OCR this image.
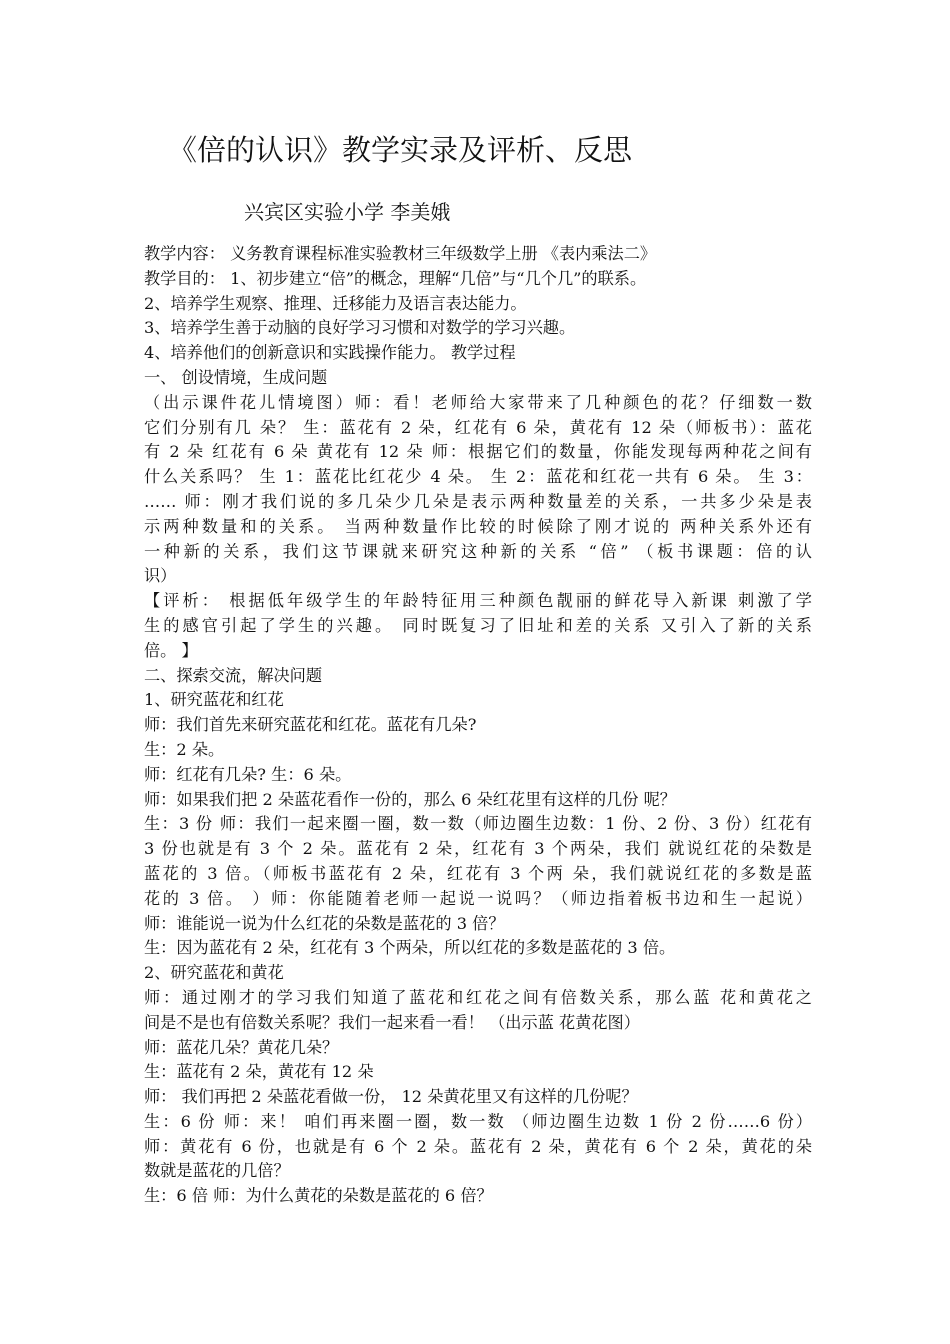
《倍的认识》教学实录及评析、反思
兴宾区实验小学 李美娥
教学内容： 义务教育课程标准实验教材三年级数学上册 《表内乘法二》
教学目的： 1、初步建立“倍”的概念，理解“几倍”与“几个几”的联系。
2、培养学生观察、推理、迁移能力及语言表达能力。
3、培养学生善于动脑的良好学习习惯和对数学的学习兴趣。
4、培养他们的创新意识和实践操作能力。 教学过程
一、 创设情境，生成问题
（出示课件花儿情境图）师：看！老师给大家带来了几种颜色的花？仔细数一数
它们分别有几 朵？ 生：蓝花有 2 朵，红花有 6 朵，黄花有 12 朵（师板书）：蓝花
有 2 朵 红花有 6 朵 黄花有 12 朵 师：根据它们的数量，你能发现每两种花之间有
什么关系吗？ 生 1：蓝花比红花少 4 朵。 生 2：蓝花和红花一共有 6 朵。 生 3：
…… 师：刚才我们说的多几朵少几朵是表示两种数量差的关系，一共多少朵是表
示两种数量和的关系。 当两种数量作比较的时候除了刚才说的 两种关系外还有
一种新的关系，我们这节课就来研究这种新的关系 “倍” （板书课题：倍的认
识）
【评析： 根据低年级学生的年龄特征用三种颜色靓丽的鲜花导入新课 刺激了学
生的感官引起了学生的兴趣。 同时既复习了旧址和差的关系 又引入了新的关系
倍。 】
二、探索交流，解决问题
1、研究蓝花和红花
师：我们首先来研究蓝花和红花。蓝花有几朵?
生：2 朵。
师：红花有几朵? 生：6 朵。
师：如果我们把 2 朵蓝花看作一份的，那么 6 朵红花里有这样的几份 呢？
生：3 份 师：我们一起来圈一圈，数一数（师边圈生边数：1 份、2 份、3 份）红花有
3 份也就是有 3 个 2 朵。蓝花有 2 朵，红花有 3 个两朵，我们 就说红花的朵数是
蓝花的 3 倍。（师板书蓝花有 2 朵，红花有 3 个两 朵，我们就说红花的多数是蓝
花的 3 倍。 ）师：你能随着老师一起说一说吗？（师边指着板书边和生一起说）
师：谁能说一说为什么红花的朵数是蓝花的 3 倍？
生：因为蓝花有 2 朵，红花有 3 个两朵，所以红花的多数是蓝花的 3 倍。
2、研究蓝花和黄花
师：通过刚才的学习我们知道了蓝花和红花之间有倍数关系，那么蓝 花和黄花之
间是不是也有倍数关系呢？我们一起来看一看！ （出示蓝 花黄花图）
师：蓝花几朵？黄花几朵？
生：蓝花有 2 朵，黄花有 12 朵
师： 我们再把 2 朵蓝花看做一份， 12 朵黄花里又有这样的几份呢？
生：6 份 师：来！ 咱们再来圈一圈，数一数 （师边圈生边数 1 份 2 份……6 份）
师：黄花有 6 份，也就是有 6 个 2 朵。蓝花有 2 朵，黄花有 6 个 2 朵，黄花的朵
数就是蓝花的几倍？
生：6 倍 师：为什么黄花的朵数是蓝花的 6 倍？
